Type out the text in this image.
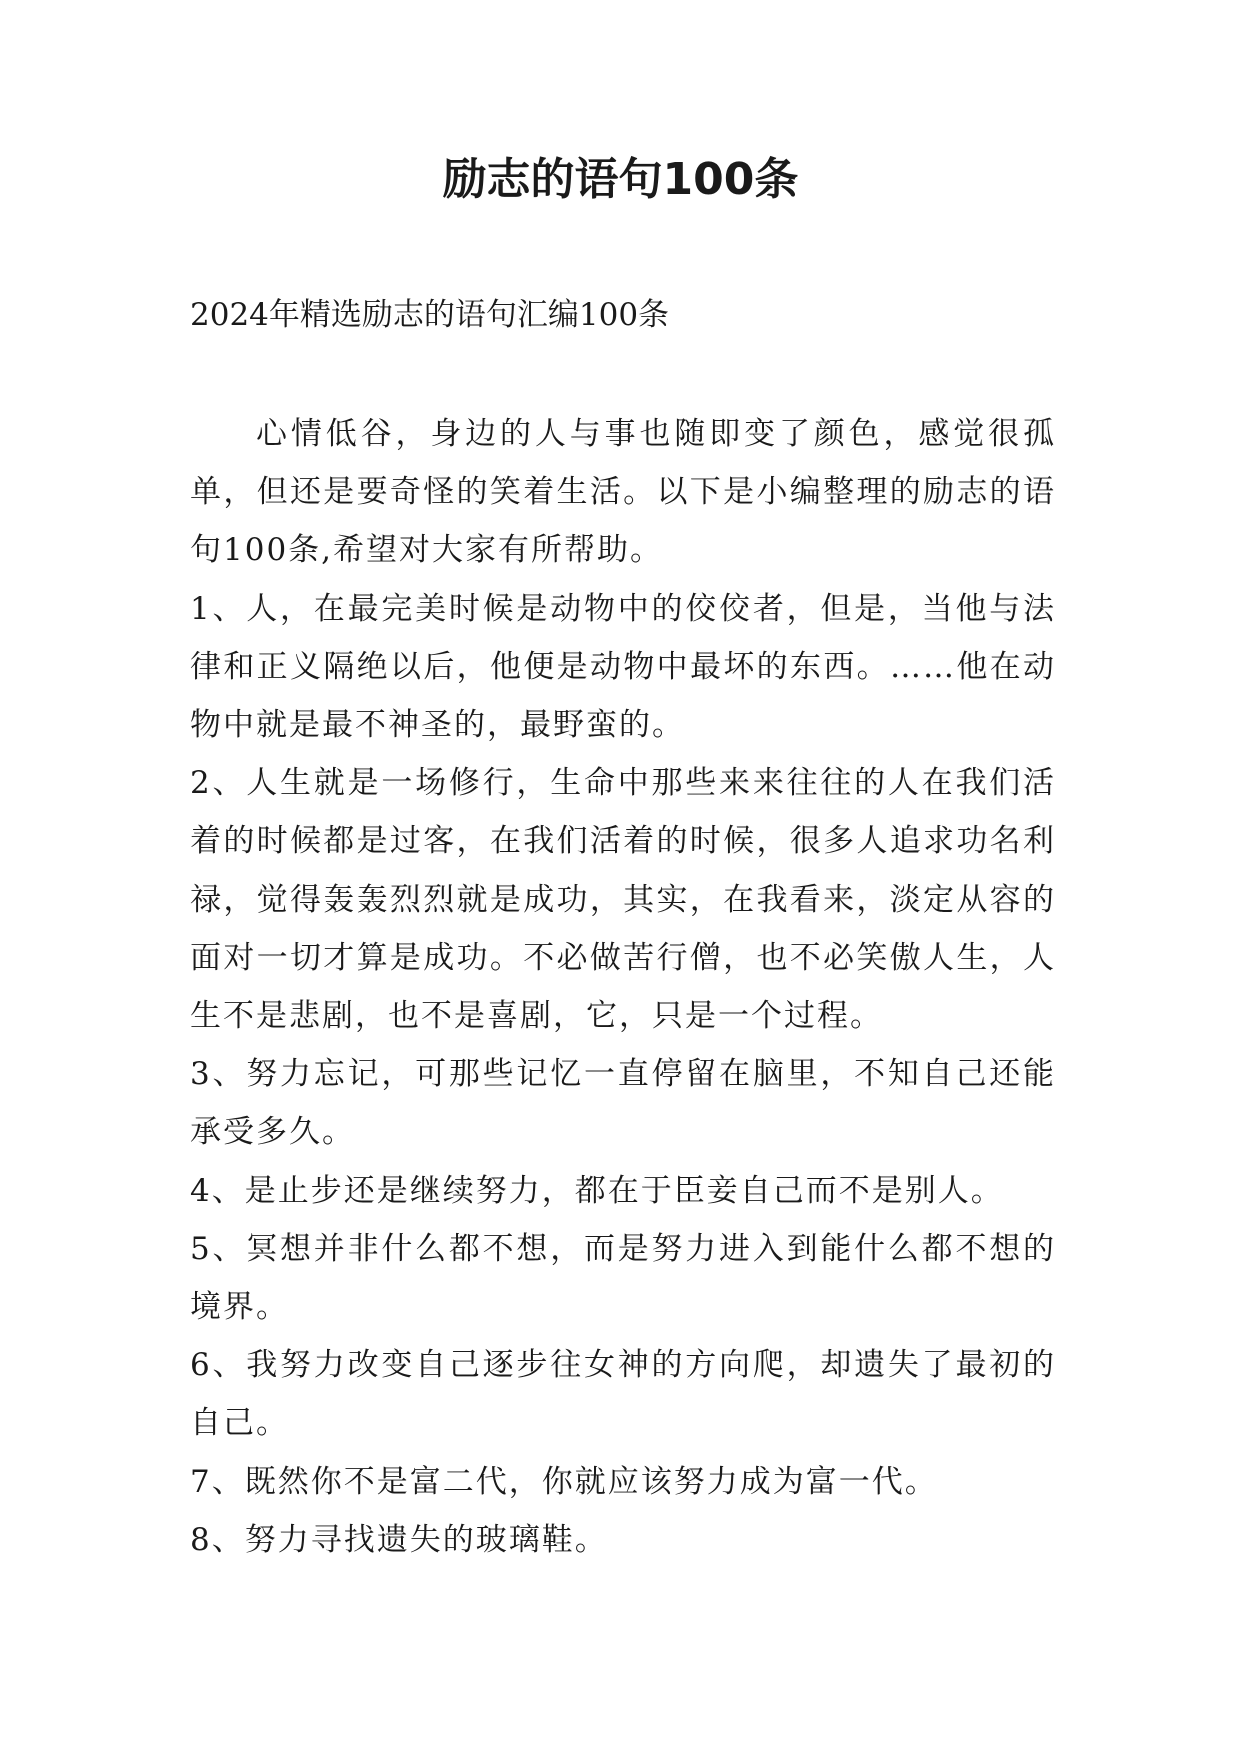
励志的语句100条

2024年精选励志的语句汇编100条

心情低谷，身边的人与事也随即变了颜色，感觉很孤单，但还是要奇怪的笑着生活。以下是小编整理的励志的语句100条,希望对大家有所帮助。

1、人，在最完美时候是动物中的佼佼者，但是，当他与法律和正义隔绝以后，他便是动物中最坏的东西。……他在动物中就是最不神圣的，最野蛮的。

2、人生就是一场修行，生命中那些来来往往的人在我们活着的时候都是过客，在我们活着的时候，很多人追求功名利禄，觉得轰轰烈烈就是成功，其实，在我看来，淡定从容的面对一切才算是成功。不必做苦行僧，也不必笑傲人生，人生不是悲剧，也不是喜剧，它，只是一个过程。

3、努力忘记，可那些记忆一直停留在脑里，不知自己还能承受多久。

4、是止步还是继续努力，都在于臣妾自己而不是别人。

5、冥想并非什么都不想，而是努力进入到能什么都不想的境界。

6、我努力改变自己逐步往女神的方向爬，却遗失了最初的自己。

7、既然你不是富二代，你就应该努力成为富一代。

8、努力寻找遗失的玻璃鞋。
